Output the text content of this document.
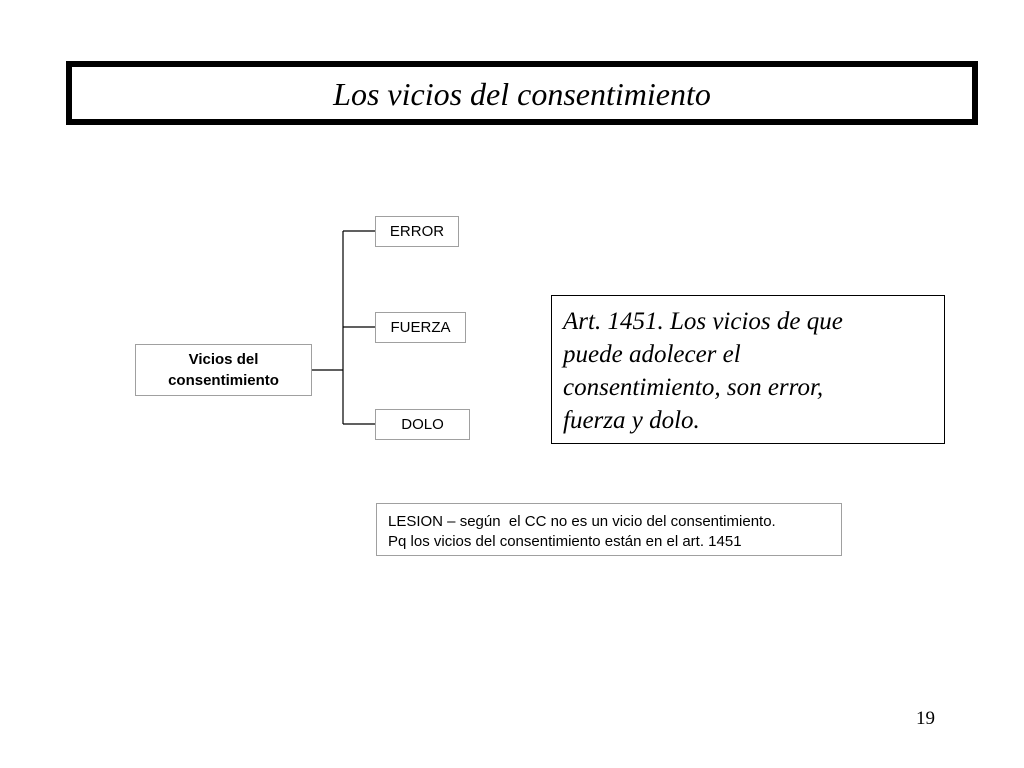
Los vicios del consentimiento
Vicios del
consentimiento
ERROR
FUERZA
DOLO
Art. 1451. Los vicios de que
puede adolecer el
consentimiento, son error,
fuerza y dolo.
LESION – según  el CC no es un vicio del consentimiento.
Pq los vicios del consentimiento están en el art. 1451
19
